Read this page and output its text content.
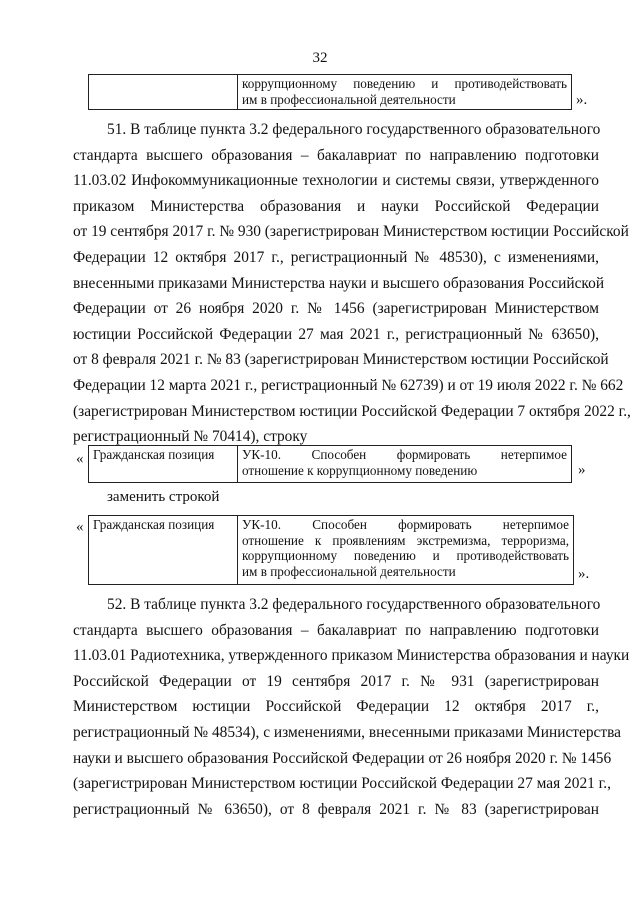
32
коррупционному поведению и противодействовать
им в профессиональной деятельности	».
51. В таблице пункта 3.2 федерального государственного образовательного
стандарта высшего образования – бакалавриат по направлению подготовки
11.03.02 Инфокоммуникационные технологии и системы связи, утвержденного
приказом Министерства образования и науки Российской Федерации
от 19 сентября 2017 г. № 930 (зарегистрирован Министерством юстиции Российской
Федерации 12 октября 2017 г., регистрационный № 48530), с изменениями,
внесенными приказами Министерства науки и высшего образования Российской
Федерации от 26 ноября 2020 г. № 1456 (зарегистрирован Министерством
юстиции Российской Федерации 27 мая 2021 г., регистрационный № 63650),
от 8 февраля 2021 г. № 83 (зарегистрирован Министерством юстиции Российской
Федерации 12 марта 2021 г., регистрационный № 62739) и от 19 июля 2022 г. № 662
(зарегистрирован Министерством юстиции Российской Федерации 7 октября 2022 г.,
регистрационный № 70414), строку
« Гражданская позиция	УК-10. Способен формировать нетерпимое
отношение к коррупционному поведению	»
заменить строкой
« Гражданская позиция	УК-10. Способен формировать нетерпимое
отношение к проявлениям экстремизма, терроризма,
коррупционному поведению и противодействовать
им в профессиональной деятельности	».
52. В таблице пункта 3.2 федерального государственного образовательного
стандарта высшего образования – бакалавриат по направлению подготовки
11.03.01 Радиотехника, утвержденного приказом Министерства образования и науки
Российской Федерации от 19 сентября 2017 г. № 931 (зарегистрирован
Министерством юстиции Российской Федерации 12 октября 2017 г.,
регистрационный № 48534), с изменениями, внесенными приказами Министерства
науки и высшего образования Российской Федерации от 26 ноября 2020 г. № 1456
(зарегистрирован Министерством юстиции Российской Федерации 27 мая 2021 г.,
регистрационный № 63650), от 8 февраля 2021 г. № 83 (зарегистрирован
